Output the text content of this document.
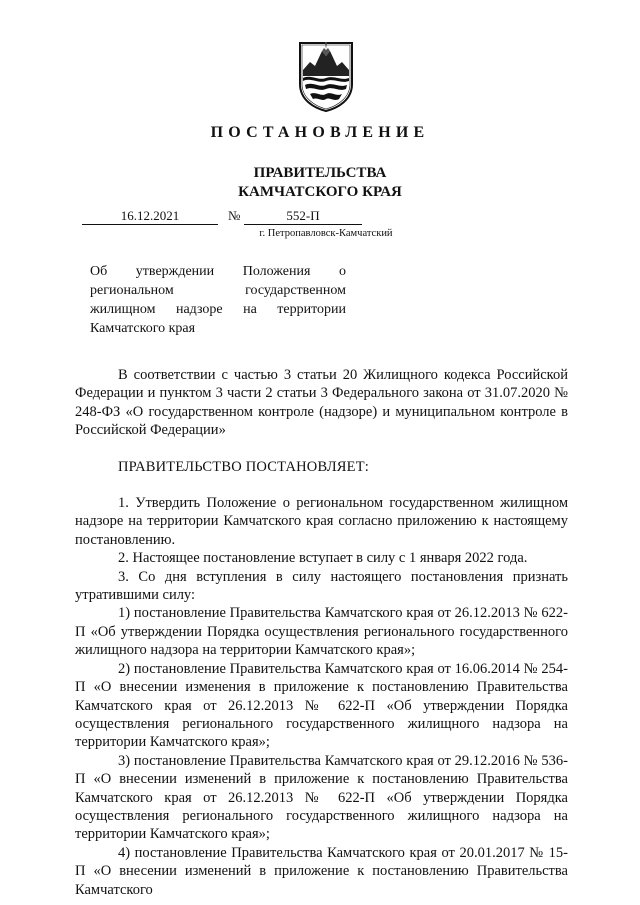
ПОСТАНОВЛЕНИЕ
ПРАВИТЕЛЬСТВА
КАМЧАТСКОГО КРАЯ
16.12.2021	№	552-П
г. Петропавловск-Камчатский
Об утверждении Положения о региональном государственном жилищном надзоре на территории Камчатского края

В соответствии с частью 3 статьи 20 Жилищного кодекса Российской Федерации и пунктом 3 части 2 статьи 3 Федерального закона от 31.07.2020 № 248-ФЗ «О государственном контроле (надзоре) и муниципальном контроле в Российской Федерации»

ПРАВИТЕЛЬСТВО ПОСТАНОВЛЯЕТ:

1. Утвердить Положение о региональном государственном жилищном надзоре на территории Камчатского края согласно приложению к настоящему постановлению.

2. Настоящее постановление вступает в силу с 1 января 2022 года.

3. Со дня вступления в силу настоящего постановления признать утратившими силу:

1) постановление Правительства Камчатского края от 26.12.2013 № 622-П «Об утверждении Порядка осуществления регионального государственного жилищного надзора на территории Камчатского края»;

2) постановление Правительства Камчатского края от 16.06.2014 № 254-П «О внесении изменения в приложение к постановлению Правительства Камчатского края от 26.12.2013 № 622-П «Об утверждении Порядка осуществления регионального государственного жилищного надзора на территории Камчатского края»;

3) постановление Правительства Камчатского края от 29.12.2016 № 536-П «О внесении изменений в приложение к постановлению Правительства Камчатского края от 26.12.2013 № 622-П «Об утверждении Порядка осуществления регионального государственного жилищного надзора на территории Камчатского края»;

4) постановление Правительства Камчатского края от 20.01.2017 № 15-П «О внесении изменений в приложение к постановлению Правительства Камчатского
